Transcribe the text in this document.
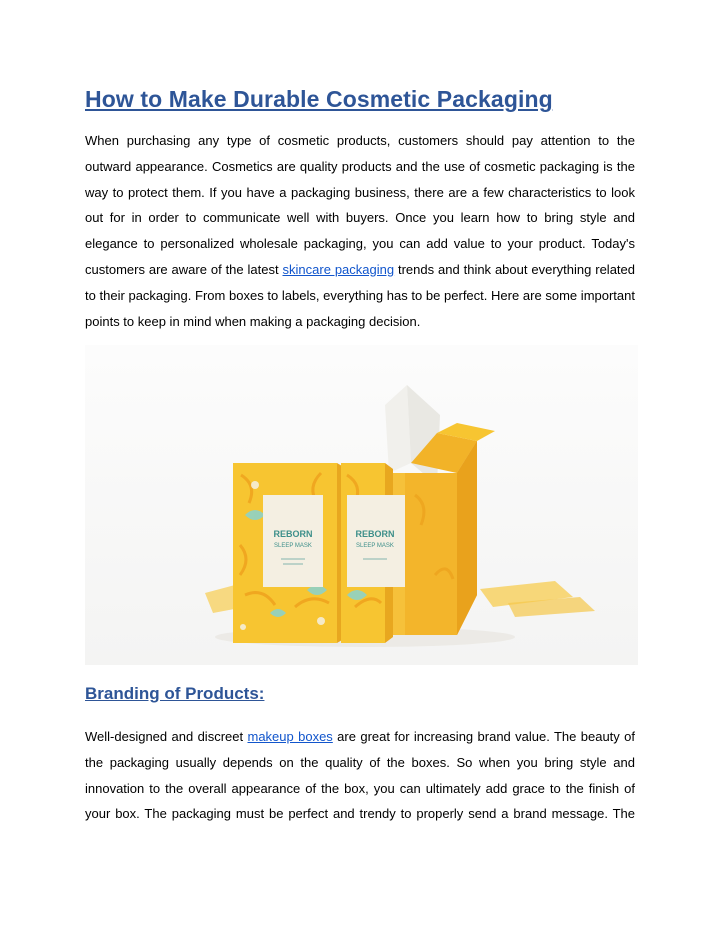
How to Make Durable Cosmetic Packaging
When purchasing any type of cosmetic products, customers should pay attention to the
outward appearance. Cosmetics are quality products and the use of cosmetic packaging is the
way to protect them. If you have a packaging business, there are a few characteristics to look
out for in order to communicate well with buyers. Once you learn how to bring style and
elegance to personalized wholesale packaging, you can add value to your product. Today's
customers are aware of the latest skincare packaging trends and think about everything related
to their packaging. From boxes to labels, everything has to be perfect. Here are some important
points to keep in mind when making a packaging decision.
REBORN
SLEEP MASK
REBORN
SLEEP MASK
Branding of Products:
Well-designed and discreet makeup boxes are great for increasing brand value. The beauty of
the packaging usually depends on the quality of the boxes. So when you bring style and
innovation to the overall appearance of the box, you can ultimately add grace to the finish of
your box. The packaging must be perfect and trendy to properly send a brand message. The
